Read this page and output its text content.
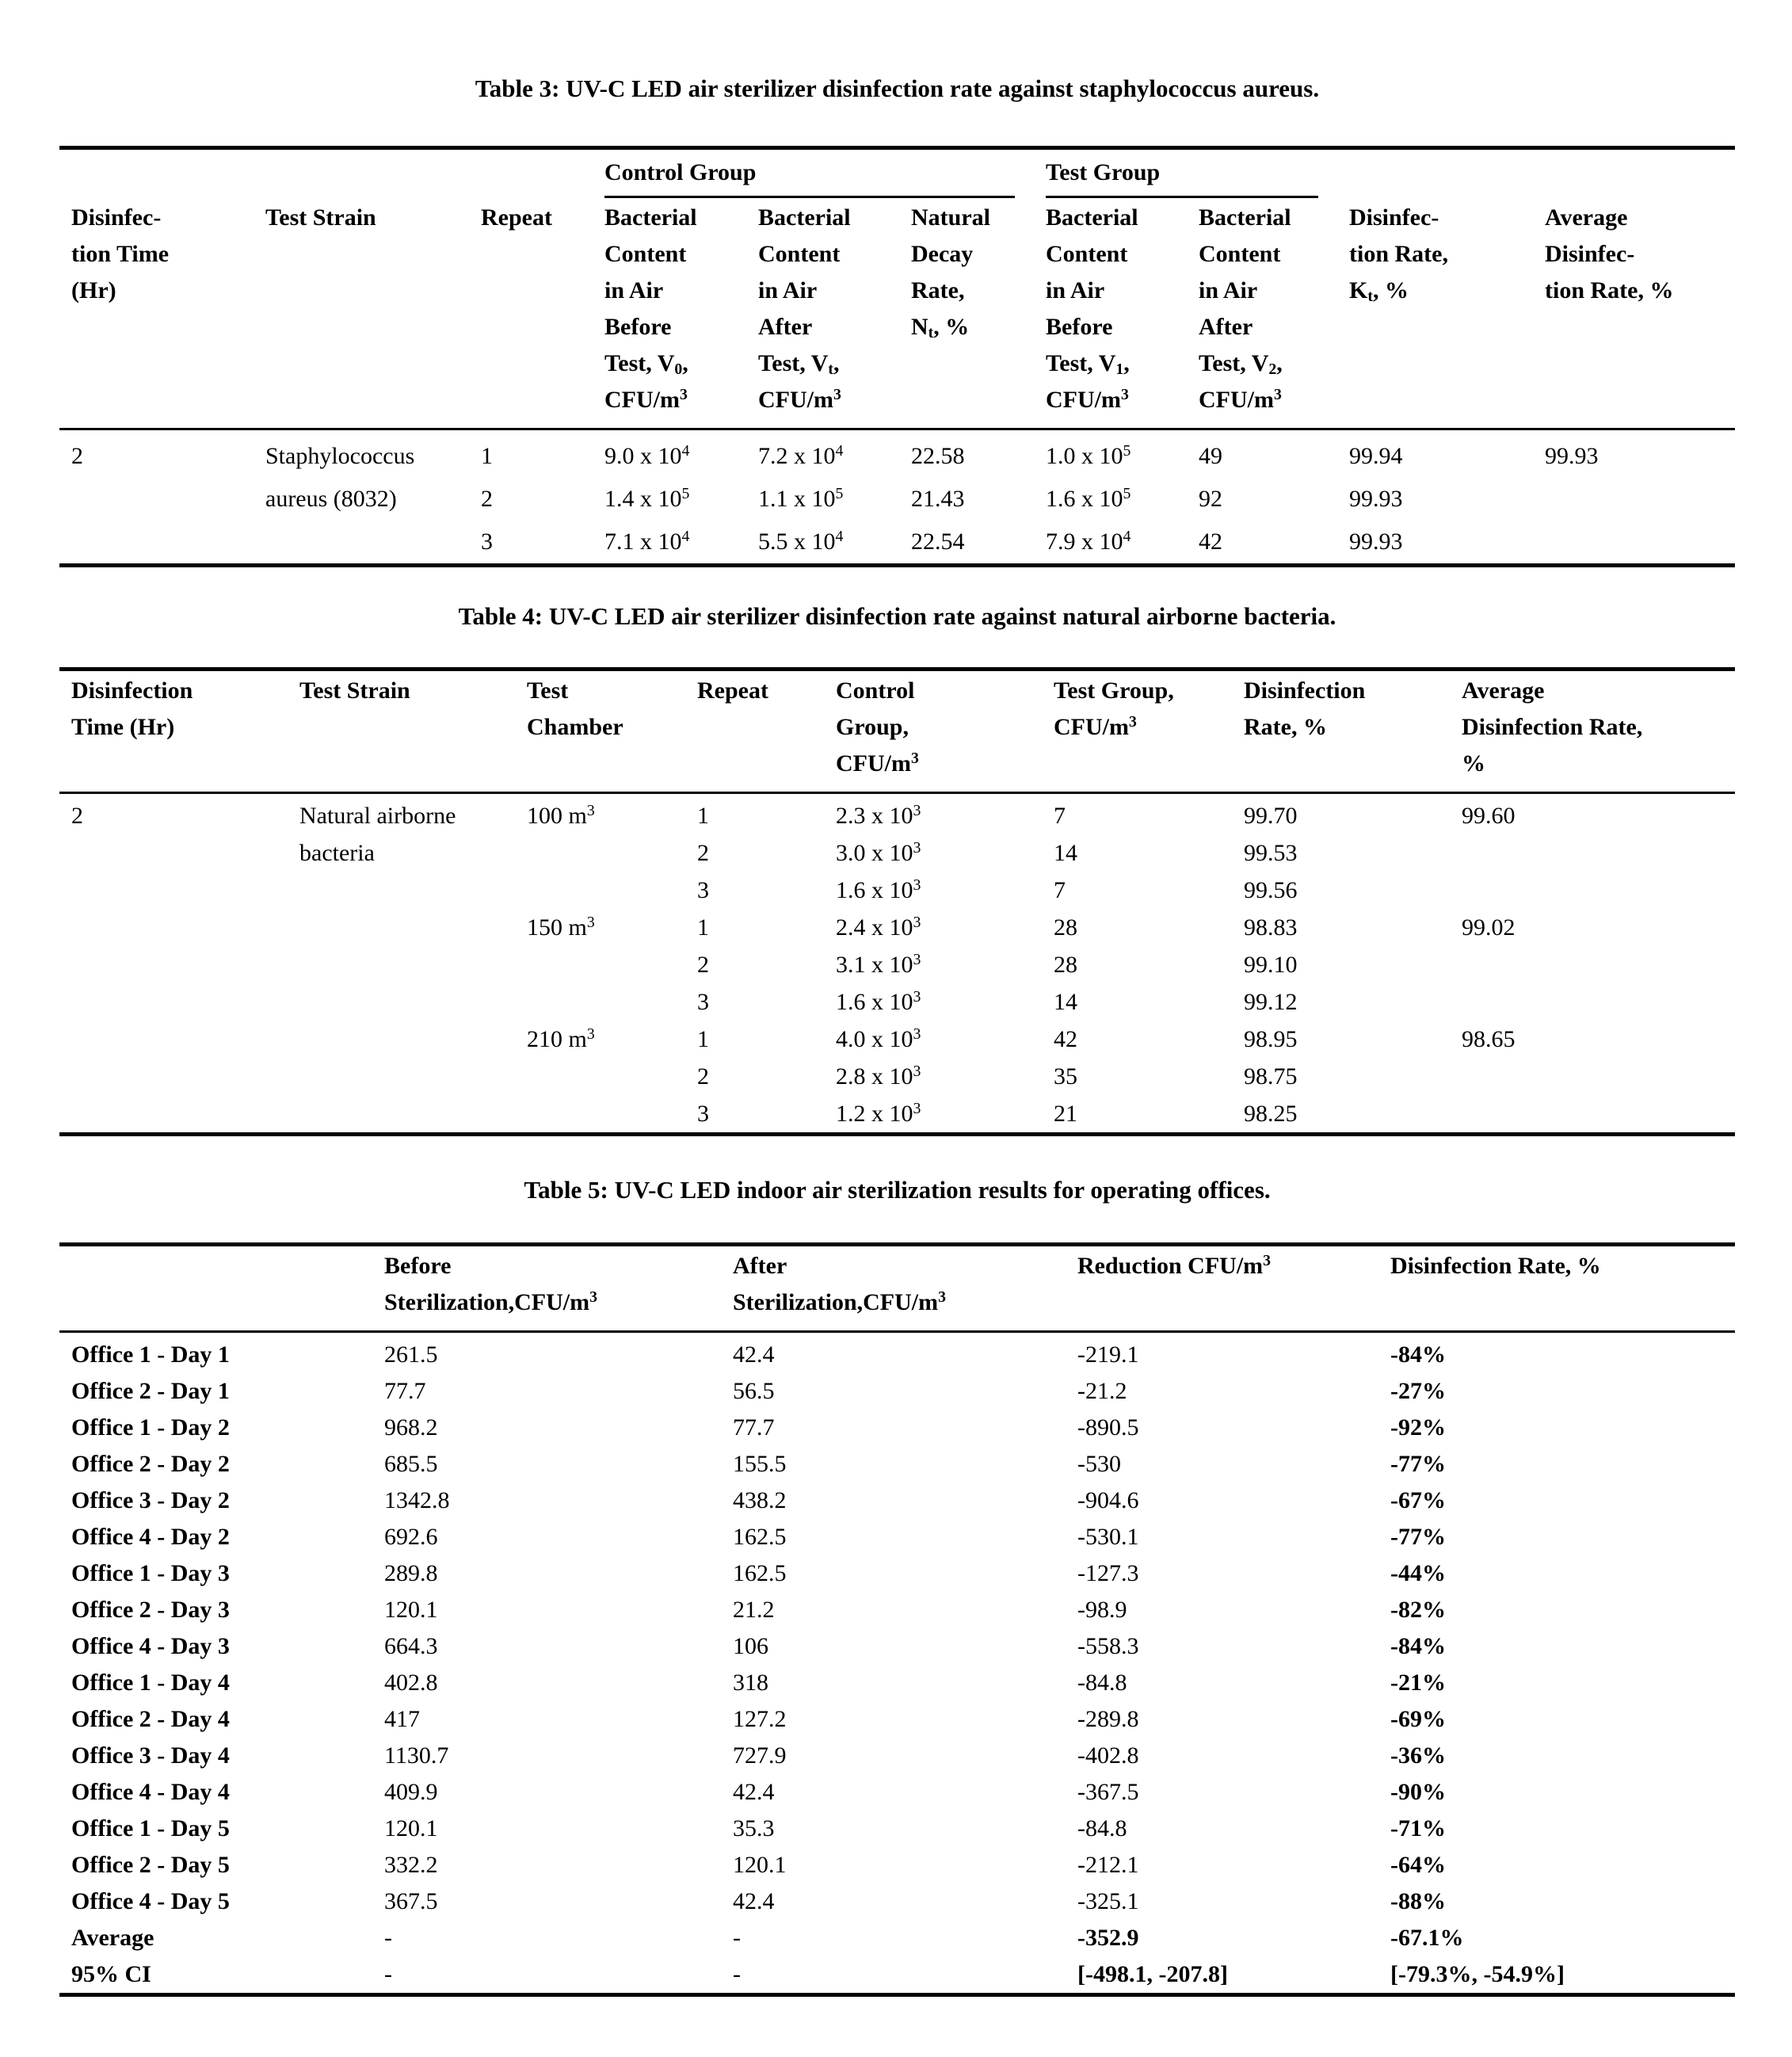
Table 3: UV-C LED air sterilizer disinfection rate against staphylococcus aureus.

			Control Group			Test Group			

Disinfec-
tion Time
(Hr)	Test Strain	Repeat	Bacterial
Content
in Air
Before
Test, $V_0$,
CFU/$m^3$	Bacterial
Content
in Air
After
Test, $V_t$,
CFU/$m^3$	Natural
Decay
Rate,
$N_t$, %	Bacterial
Content
in Air
Before
Test, $V_1$,
CFU/$m^3$	Bacterial
Content
in Air
After
Test, $V_2$,
CFU/$m^3$	Disinfec-
tion Rate,
$K_t$, %	Average
Disinfec-
tion Rate, %
2	Staphylococcus
aureus (8032)	1	9.0 x $10^4$	7.2 x $10^4$	22.58	1.0 x $10^5$	49	99.94	99.93
		2	1.4 x $10^5$	1.1 x $10^5$	21.43	1.6 x $10^5$	92	99.93	
		3	7.1 x $10^4$	5.5 x $10^4$	22.54	7.9 x $10^4$	42	99.93	
Table 4: UV-C LED air sterilizer disinfection rate against natural airborne bacteria.
Disinfection
Time (Hr)	Test Strain	Test
Chamber	Repeat	Control
Group,
CFU/$m^3$	Test Group,
CFU/$m^3$	Disinfection
Rate, %	Average
Disinfection Rate,
%
2	Natural airborne
bacteria	100 $m^3$	1	2.3 x $10^3$	7	99.70	99.60
			2	3.0 x $10^3$	14	99.53	
			3	1.6 x $10^3$	7	99.56	
		150 $m^3$	1	2.4 x $10^3$	28	98.83	99.02
			2	3.1 x $10^3$	28	99.10	
			3	1.6 x $10^3$	14	99.12	
		210 $m^3$	1	4.0 x $10^3$	42	98.95	98.65
			2	2.8 x $10^3$	35	98.75	
			3	1.2 x $10^3$	21	98.25	
Table 5: UV-C LED indoor air sterilization results for operating offices.
	Before
$Sterilization,CFU/m^3$	After
$Sterilization,CFU/m^3$	Reduction CFU/$m^3$	Disinfection Rate, %
Office 1 - Day 1	261.5	42.4	-219.1	-84%
Office 2 - Day 1	77.7	56.5	-21.2	-27%
Office 1 - Day 2	968.2	77.7	-890.5	-92%
Office 2 - Day 2	685.5	155.5	-530	-77%
Office 3 - Day 2	1342.8	438.2	-904.6	-67%
Office 4 - Day 2	692.6	162.5	-530.1	-77%
Office 1 - Day 3	289.8	162.5	-127.3	-44%
Office 2 - Day 3	120.1	21.2	-98.9	-82%
Office 4 - Day 3	664.3	106	-558.3	-84%
Office 1 - Day 4	402.8	318	-84.8	-21%
Office 2 - Day 4	417	127.2	-289.8	-69%
Office 3 - Day 4	1130.7	727.9	-402.8	-36%
Office 4 - Day 4	409.9	42.4	-367.5	-90%
Office 1 - Day 5	120.1	35.3	-84.8	-71%
Office 2 - Day 5	332.2	120.1	-212.1	-64%
Office 4 - Day 5	367.5	42.4	-325.1	-88%
Average	-	-	-352.9	-67.1%
95% CI	-	-	[-498.1, -207.8]	[-79.3%, -54.9%]
